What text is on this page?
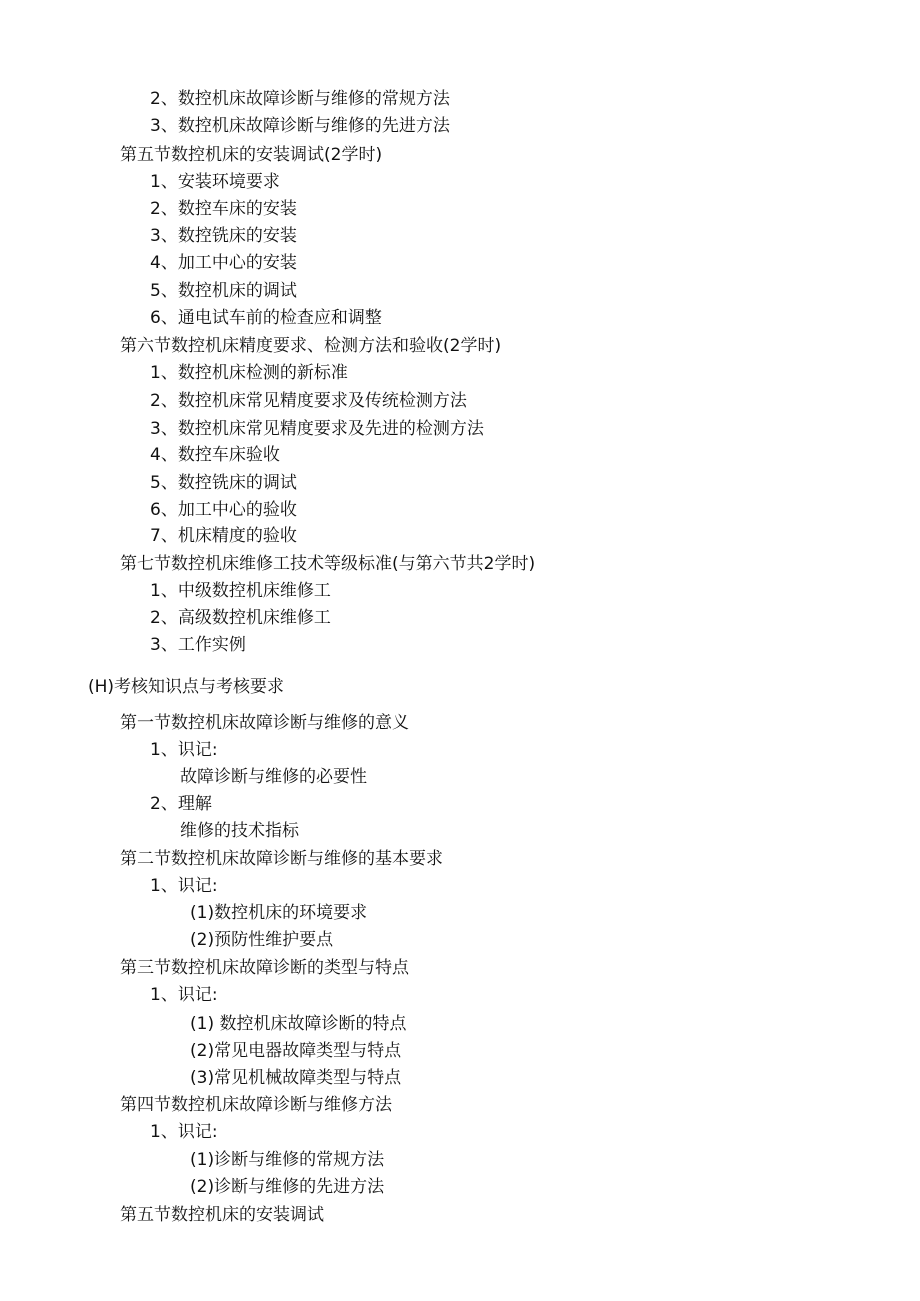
2、数控机床故障诊断与维修的常规方法
3、数控机床故障诊断与维修的先进方法
第五节数控机床的安装调试(2学时)
1、安装环境要求
2、数控车床的安装
3、数控铣床的安装
4、加工中心的安装
5、数控机床的调试
6、通电试车前的检查应和调整
第六节数控机床精度要求、检测方法和验收(2学时)
1、数控机床检测的新标准
2、数控机床常见精度要求及传统检测方法
3、数控机床常见精度要求及先进的检测方法
4、数控车床验收
5、数控铣床的调试
6、加工中心的验收
7、机床精度的验收
第七节数控机床维修工技术等级标准(与第六节共2学时)
1、中级数控机床维修工
2、高级数控机床维修工
3、工作实例
(H)考核知识点与考核要求
第一节数控机床故障诊断与维修的意义
1、识记:
故障诊断与维修的必要性
2、理解
维修的技术指标
第二节数控机床故障诊断与维修的基本要求
1、识记:
(1)数控机床的环境要求
(2)预防性维护要点
第三节数控机床故障诊断的类型与特点
1、识记:
(1) 数控机床故障诊断的特点
(2)常见电器故障类型与特点
(3)常见机械故障类型与特点
第四节数控机床故障诊断与维修方法
1、识记:
(1)诊断与维修的常规方法
(2)诊断与维修的先进方法
第五节数控机床的安装调试
